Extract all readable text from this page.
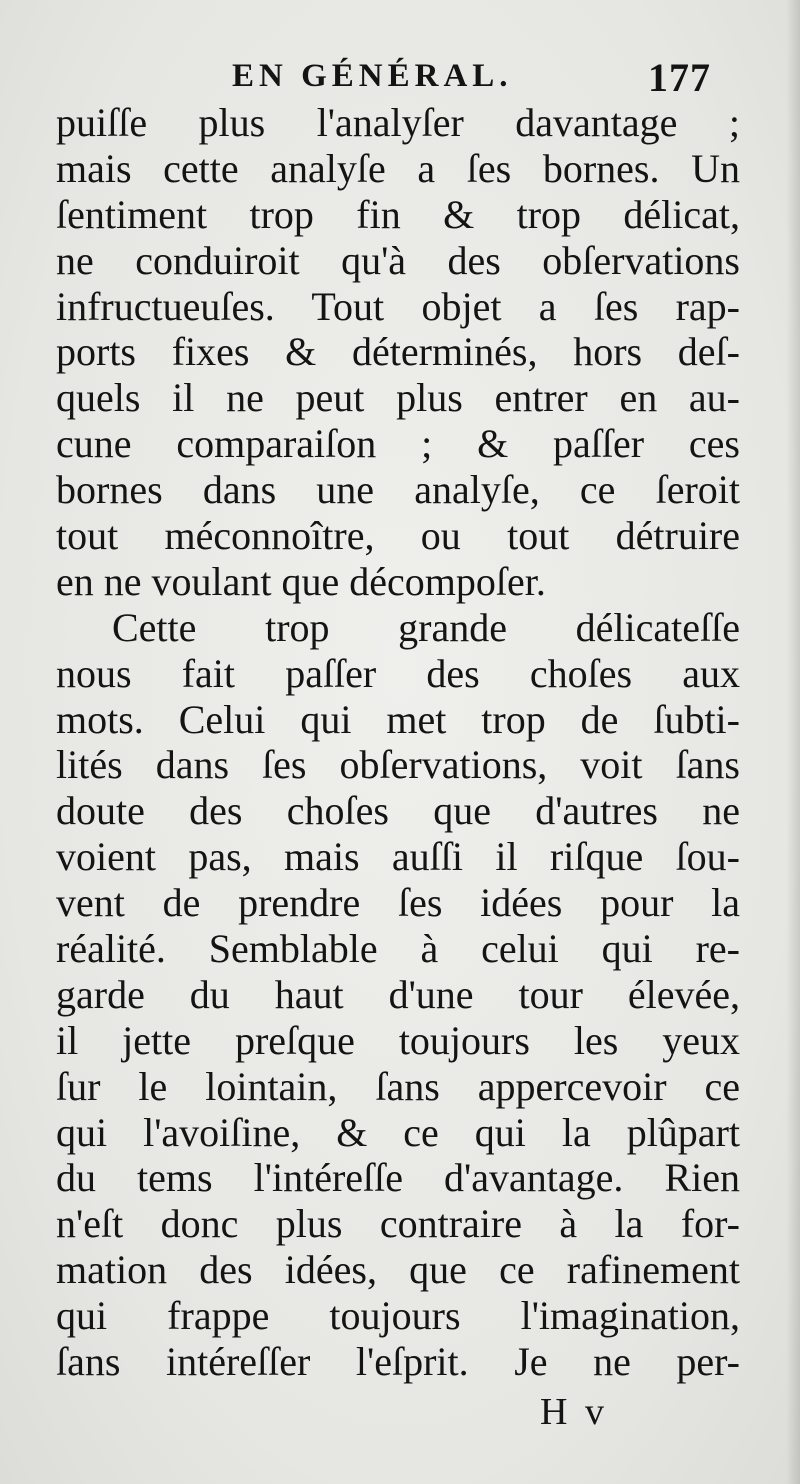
EN GÉNÉRAL.	177
puiſſe plus l'analyſer davantage ;
mais cette analyſe a ſes bornes. Un
ſentiment trop fin & trop délicat,
ne conduiroit qu'à des obſervations
infructueuſes. Tout objet a ſes rap-
ports fixes & déterminés, hors deſ-
quels il ne peut plus entrer en au-
cune comparaiſon ; & paſſer ces
bornes dans une analyſe, ce ſeroit
tout méconnoître, ou tout détruire
en ne voulant que décompoſer.
Cette trop grande délicateſſe
nous fait paſſer des choſes aux
mots. Celui qui met trop de ſubti-
lités dans ſes obſervations, voit ſans
doute des choſes que d'autres ne
voient pas, mais auſſi il riſque ſou-
vent de prendre ſes idées pour la
réalité. Semblable à celui qui re-
garde du haut d'une tour élevée,
il jette preſque toujours les yeux
ſur le lointain, ſans appercevoir ce
qui l'avoiſine, & ce qui la plûpart
du tems l'intéreſſe d'avantage. Rien
n'eſt donc plus contraire à la for-
mation des idées, que ce rafinement
qui frappe toujours l'imagination,
ſans intéreſſer l'eſprit. Je ne per-
H v
